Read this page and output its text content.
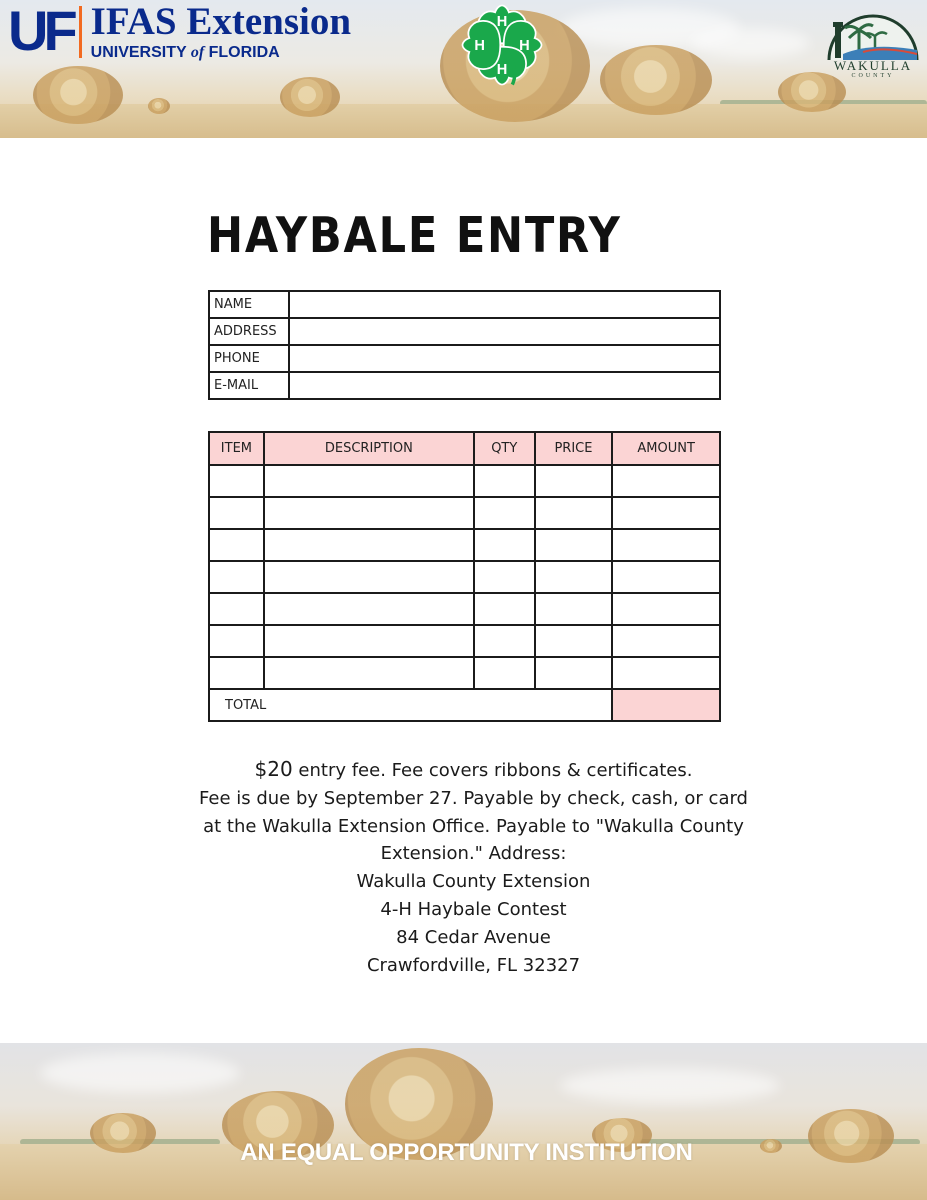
UF IFAS Extension
UNIVERSITY of FLORIDA
H
H
H
H
WAKULLA
COUNTY
HAYBALE ENTRY
NAME	
ADDRESS	
PHONE	
E-MAIL	
ITEM	DESCRIPTION	QTY	PRICE	AMOUNT

TOTAL				
$20 entry fee. Fee covers ribbons & certificates.
Fee is due by September 27. Payable by check, cash, or card
at the Wakulla Extension Office. Payable to "Wakulla County
Extension." Address:
Wakulla County Extension
4-H Haybale Contest
84 Cedar Avenue
Crawfordville, FL 32327
AN EQUAL OPPORTUNITY INSTITUTION
